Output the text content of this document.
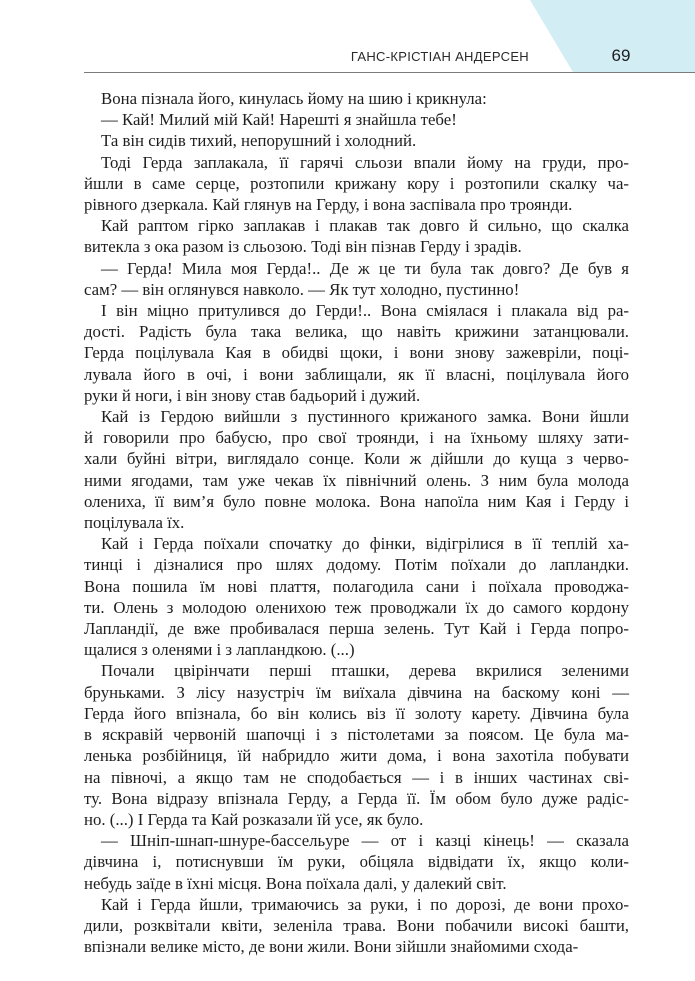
ГАНС-КРІСТІАН АНДЕРСЕН	69
Вона пізнала його, кинулась йому на шию і крикнула:
— Кай! Милий мій Кай! Нарешті я знайшла тебе!
Та він сидів тихий, непорушний і холодний.
Тоді Герда заплакала, її гарячі сльози впали йому на груди, про-
йшли в саме серце, розтопили крижану кору і розтопили скалку ча-
рівного дзеркала. Кай глянув на Герду, і вона заспівала про троянди.
Кай раптом гірко заплакав і плакав так довго й сильно, що скалка
витекла з ока разом із сльозою. Тоді він пізнав Герду і зрадів.
— Герда! Мила моя Герда!.. Де ж це ти була так довго? Де був я
сам? — він оглянувся навколо. — Як тут холодно, пустинно!
І він міцно притулився до Герди!.. Вона сміялася і плакала від ра-
дості. Радість була така велика, що навіть крижини затанцювали.
Герда поцілувала Кая в обидві щоки, і вони знову зажевріли, поці-
лувала його в очі, і вони заблищали, як її власні, поцілувала його
руки й ноги, і він знову став бадьорий і дужий.
Кай із Гердою вийшли з пустинного крижаного замка. Вони йшли
й говорили про бабусю, про свої троянди, і на їхньому шляху зати-
хали буйні вітри, виглядало сонце. Коли ж дійшли до куща з черво-
ними ягодами, там уже чекав їх північний олень. З ним була молода
олениха, її вим’я було повне молока. Вона напоїла ним Кая і Герду і
поцілувала їх.
Кай і Герда поїхали спочатку до фінки, відігрілися в її теплій ха-
тинці і дізналися про шлях додому. Потім поїхали до лапландки.
Вона пошила їм нові плаття, полагодила сани і поїхала проводжа-
ти. Олень з молодою оленихою теж проводжали їх до самого кордону
Лапландії, де вже пробивалася перша зелень. Тут Кай і Герда попро-
щалися з оленями і з лапландкою. (...)
Почали цвірінчати перші пташки, дерева вкрилися зеленими
бруньками. З лісу назустріч їм виїхала дівчина на баскому коні —
Герда його впізнала, бо він колись віз її золоту карету. Дівчина була
в яскравій червоній шапочці і з пістолетами за поясом. Це була ма-
ленька розбійниця, їй набридло жити дома, і вона захотіла побувати
на півночі, а якщо там не сподобається — і в інших частинах сві-
ту. Вона відразу впізнала Герду, а Герда її. Їм обом було дуже радіс-
но. (...) І Герда та Кай розказали їй усе, як було.
— Шніп-шнап-шнуре-бассельуре — от і казці кінець! — сказала
дівчина і, потиснувши їм руки, обіцяла відвідати їх, якщо коли-
небудь заїде в їхні місця. Вона поїхала далі, у далекий світ.
Кай і Герда йшли, тримаючись за руки, і по дорозі, де вони прохо-
дили, розквітали квіти, зеленіла трава. Вони побачили високі башти,
впізнали велике місто, де вони жили. Вони зійшли знайомими схода-
